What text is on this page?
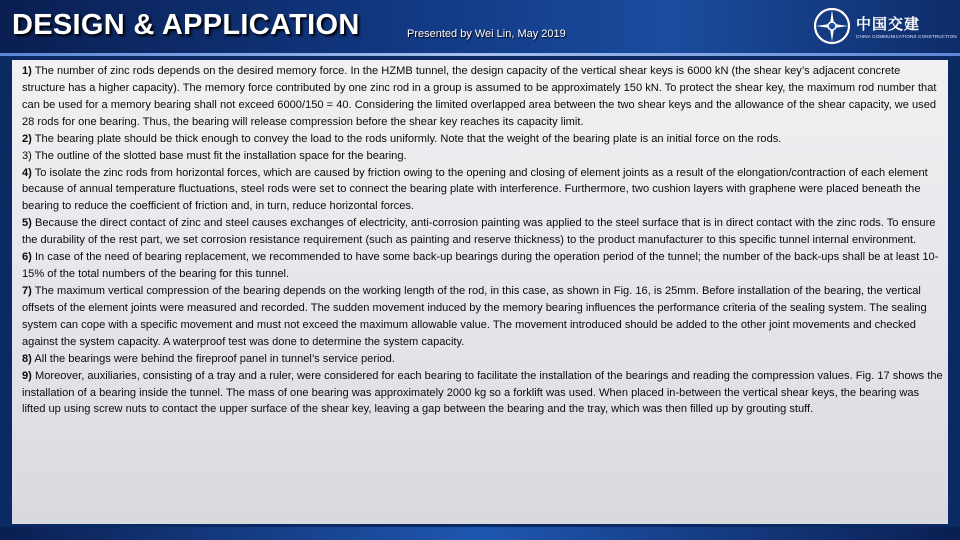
DESIGN & APPLICATION	Presented by Wei Lin, May 2019
中国交建
CHINA COMMUNICATIONS CONSTRUCTION

1) The number of zinc rods depends on the desired memory force. In the HZMB tunnel, the design capacity of the vertical shear keys is 6000 kN (the shear key’s adjacent concrete structure has a higher capacity). The memory force contributed by one zinc rod in a group is assumed to be approximately 150 kN. To protect the shear key, the maximum rod number that can be used for a memory bearing shall not exceed 6000/150 = 40. Considering the limited overlapped area between the two shear keys and the allowance of the shear capacity, we used 28 rods for one bearing. Thus, the bearing will release compression before the shear key reaches its capacity limit.

2) The bearing plate should be thick enough to convey the load to the rods uniformly. Note that the weight of the bearing plate is an initial force on the rods.

3) The outline of the slotted base must fit the installation space for the bearing.

4) To isolate the zinc rods from horizontal forces, which are caused by friction owing to the opening and closing of element joints as a result of the elongation/contraction of each element because of annual temperature fluctuations, steel rods were set to connect the bearing plate with interference. Furthermore, two cushion layers with graphene were placed beneath the bearing to reduce the coefficient of friction and, in turn, reduce horizontal forces.

5) Because the direct contact of zinc and steel causes exchanges of electricity, anti-corrosion painting was applied to the steel surface that is in direct contact with the zinc rods. To ensure the durability of the rest part, we set corrosion resistance requirement (such as painting and reserve thickness) to the product manufacturer to this specific tunnel internal environment.

6) In case of the need of bearing replacement, we recommended to have some back-up bearings during the operation period of the tunnel; the number of the back-ups shall be at least 10-15% of the total numbers of the bearing for this tunnel.

7) The maximum vertical compression of the bearing depends on the working length of the rod, in this case, as shown in Fig. 16, is 25mm. Before installation of the bearing, the vertical offsets of the element joints were measured and recorded. The sudden movement induced by the memory bearing influences the performance criteria of the sealing system. The sealing system can cope with a specific movement and must not exceed the maximum allowable value. The movement introduced should be added to the other joint movements and checked against the system capacity. A waterproof test was done to determine the system capacity.

8) All the bearings were behind the fireproof panel in tunnel’s service period.

9) Moreover, auxiliaries, consisting of a tray and a ruler, were considered for each bearing to facilitate the installation of the bearings and reading the compression values. Fig. 17 shows the installation of a bearing inside the tunnel. The mass of one bearing was approximately 2000 kg so a forklift was used. When placed in-between the vertical shear keys, the bearing was lifted up using screw nuts to contact the upper surface of the shear key, leaving a gap between the bearing and the tray, which was then filled up by grouting stuff.
